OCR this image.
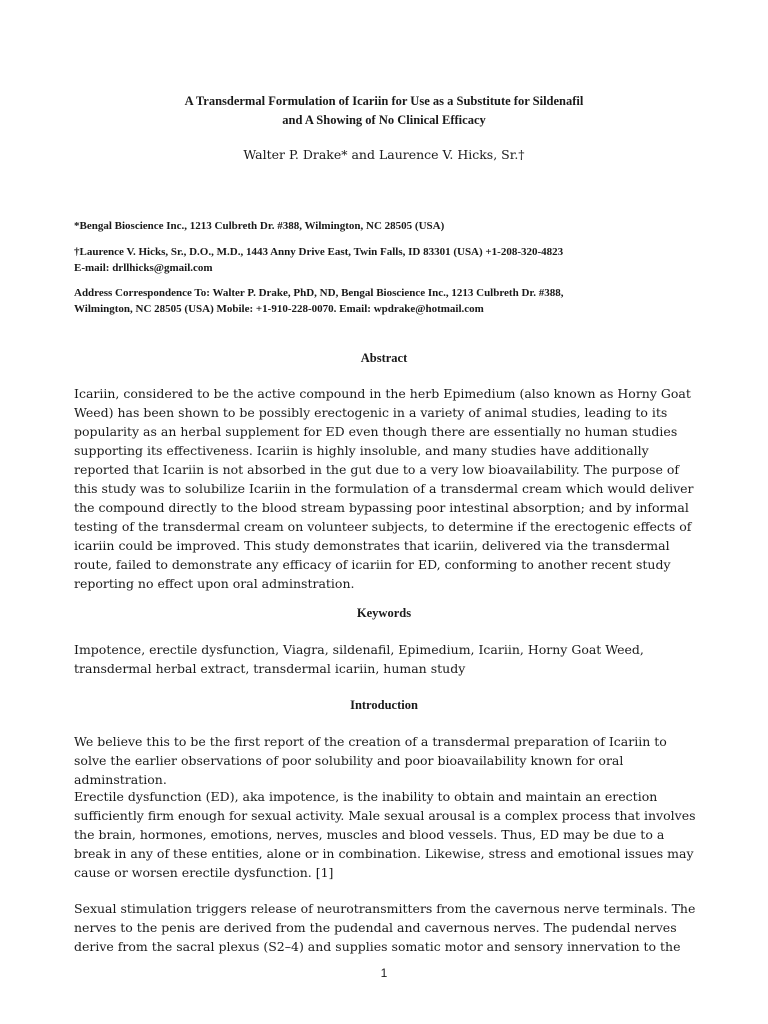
A Transdermal Formulation of Icariin for Use as a Substitute for Sildenafil
and A Showing of No Clinical Efficacy
Walter P. Drake* and Laurence V. Hicks, Sr.†
*Bengal Bioscience Inc., 1213 Culbreth Dr. #388, Wilmington, NC 28505 (USA)
†Laurence V. Hicks, Sr., D.O., M.D., 1443 Anny Drive East, Twin Falls, ID 83301 (USA) +1-208-320-4823
E-mail: drllhicks@gmail.com
Address Correspondence To: Walter P. Drake, PhD, ND, Bengal Bioscience Inc., 1213 Culbreth Dr. #388,
Wilmington, NC 28505 (USA) Mobile: +1-910-228-0070. Email: wpdrake@hotmail.com
Abstract
Icariin, considered to be the active compound in the herb Epimedium (also known as Horny Goat Weed) has been shown to be possibly erectogenic in a variety of animal studies, leading to its popularity as an herbal supplement for ED even though there are essentially no human studies supporting its effectiveness. Icariin is highly insoluble, and many studies have additionally reported that Icariin is not absorbed in the gut due to a very low bioavailability. The purpose of this study was to solubilize Icariin in the formulation of a transdermal cream which would deliver the compound directly to the blood stream bypassing poor intestinal absorption; and by informal testing of the transdermal cream on volunteer subjects, to determine if the erectogenic effects of icariin could be improved. This study demonstrates that icariin, delivered via the transdermal route, failed to demonstrate any efficacy of icariin for ED, conforming to another recent study reporting no effect upon oral adminstration.
Keywords
Impotence, erectile dysfunction, Viagra, sildenafil, Epimedium, Icariin, Horny Goat Weed, transdermal herbal extract, transdermal icariin, human study
Introduction
We believe this to be the first report of the creation of a transdermal preparation of Icariin to solve the earlier observations of poor solubility and poor bioavailability known for oral adminstration.
Erectile dysfunction (ED), aka impotence, is the inability to obtain and maintain an erection sufficiently firm enough for sexual activity. Male sexual arousal is a complex process that involves the brain, hormones, emotions, nerves, muscles and blood vessels. Thus, ED may be due to a break in any of these entities, alone or in combination. Likewise, stress and emotional issues may cause or worsen erectile dysfunction. [1]
Sexual stimulation triggers release of neurotransmitters from the cavernous nerve terminals. The nerves to the penis are derived from the pudendal and cavernous nerves. The pudendal nerves derive from the sacral plexus (S2–4) and supplies somatic motor and sensory innervation to the
1
